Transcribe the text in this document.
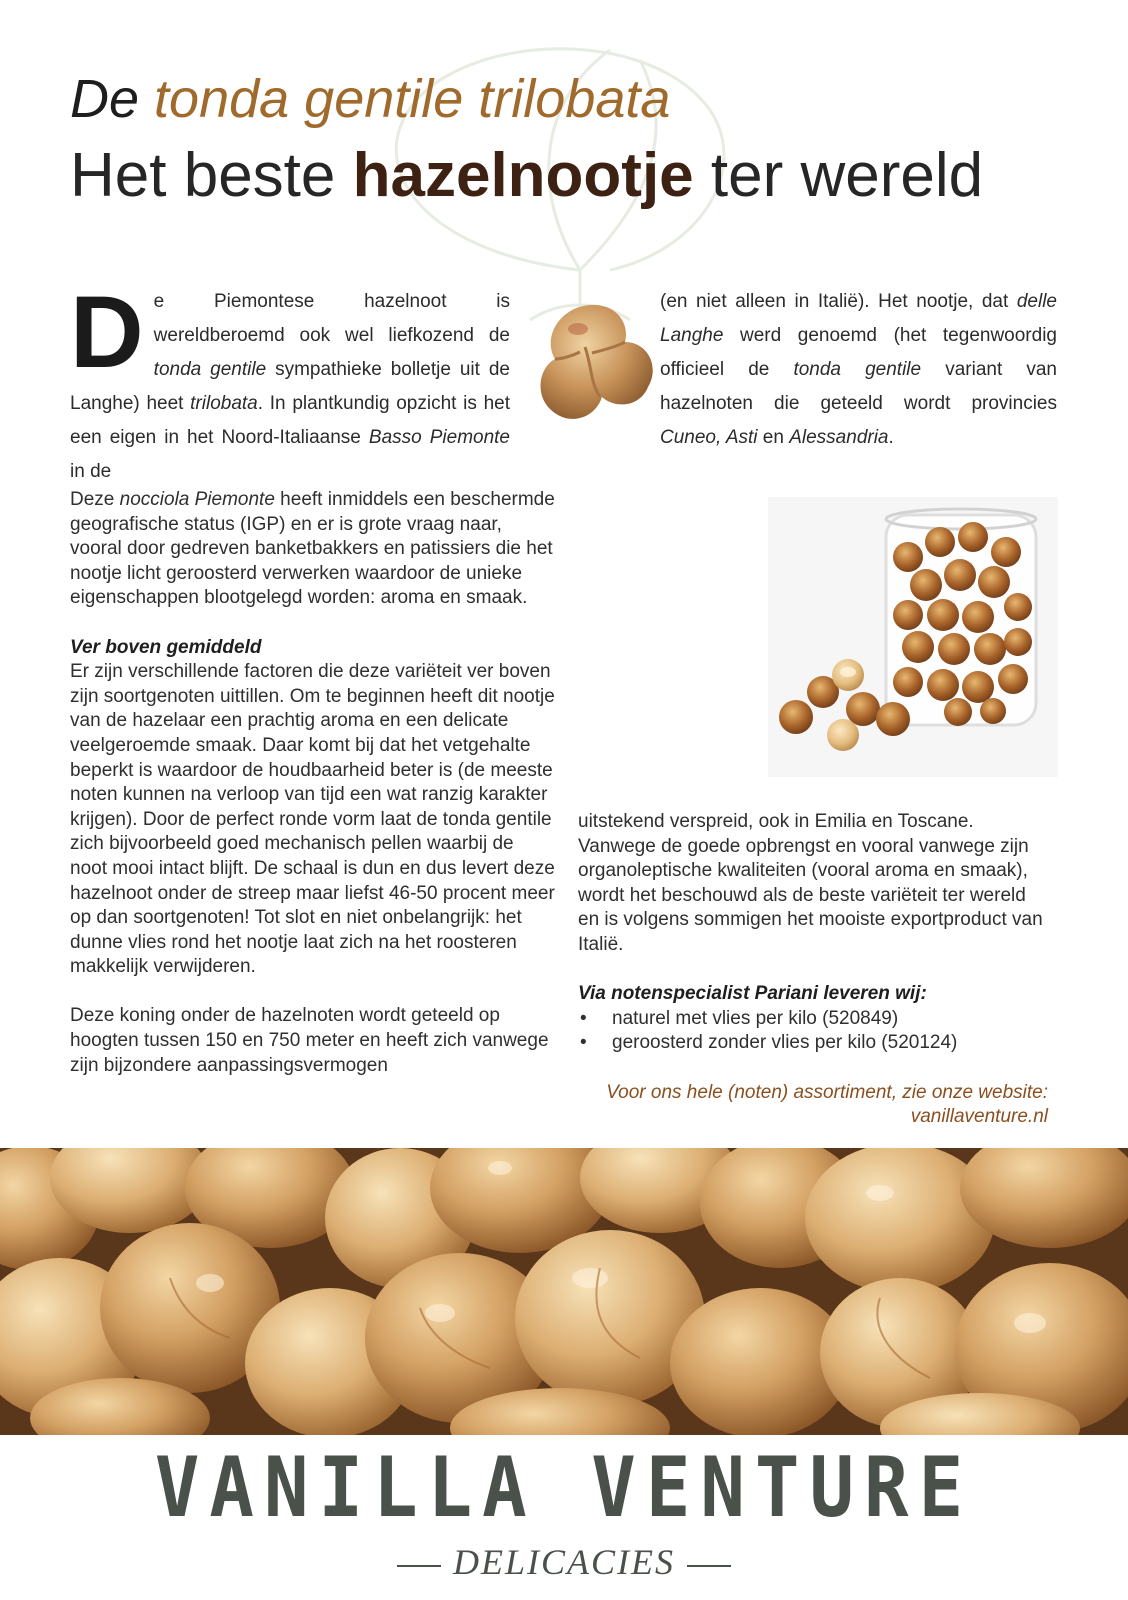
De tonda gentile trilobata
Het beste hazelnootje ter wereld
D e Piemontese hazelnoot is wereldberoemd ook wel liefkozend de tonda gentile sympathieke bolletje uit de Langhe) heet trilobata. In plantkundig opzicht is het een eigen in het Noord-Italiaanse Basso Piemonte in de

(en niet alleen in Italië). Het nootje, dat delle Langhe werd genoemd (het tegenwoordig officieel de tonda gentile variant van hazelnoten die geteeld wordt provincies Cuneo, Asti en Alessandria.

Deze nocciola Piemonte heeft inmiddels een beschermde geografische status (IGP) en er is grote vraag naar, vooral door gedreven banketbakkers en patissiers die het nootje licht geroosterd verwerken waardoor de unieke eigenschappen blootgelegd worden: aroma en smaak.

Ver boven gemiddeld

Er zijn verschillende factoren die deze variëteit ver boven zijn soortgenoten uittillen. Om te beginnen heeft dit nootje van de hazelaar een prachtig aroma en een delicate veelgeroemde smaak. Daar komt bij dat het vetgehalte beperkt is waardoor de houdbaarheid beter is (de meeste noten kunnen na verloop van tijd een wat ranzig karakter krijgen). Door de perfect ronde vorm laat de tonda gentile zich bijvoorbeeld goed mechanisch pellen waarbij de noot mooi intact blijft. De schaal is dun en dus levert deze hazelnoot onder de streep maar liefst 46-50 procent meer op dan soortgenoten! Tot slot en niet onbelangrijk: het dunne vlies rond het nootje laat zich na het roosteren makkelijk verwijderen.

Deze koning onder de hazelnoten wordt geteeld op hoogten tussen 150 en 750 meter en heeft zich vanwege zijn bijzondere aanpassingsvermogen

uitstekend verspreid, ook in Emilia en Toscane. Vanwege de goede opbrengst en vooral vanwege zijn organoleptische kwaliteiten (vooral aroma en smaak), wordt het beschouwd als de beste variëteit ter wereld en is volgens sommigen het mooiste exportproduct van Italië.

Via notenspecialist Pariani leveren wij:

• naturel met vlies per kilo (520849)
• geroosterd zonder vlies per kilo (520124)

Voor ons hele (noten) assortiment, zie onze website:

vanillaventure.nl

VANILLA VENTURE
DELICACIES
